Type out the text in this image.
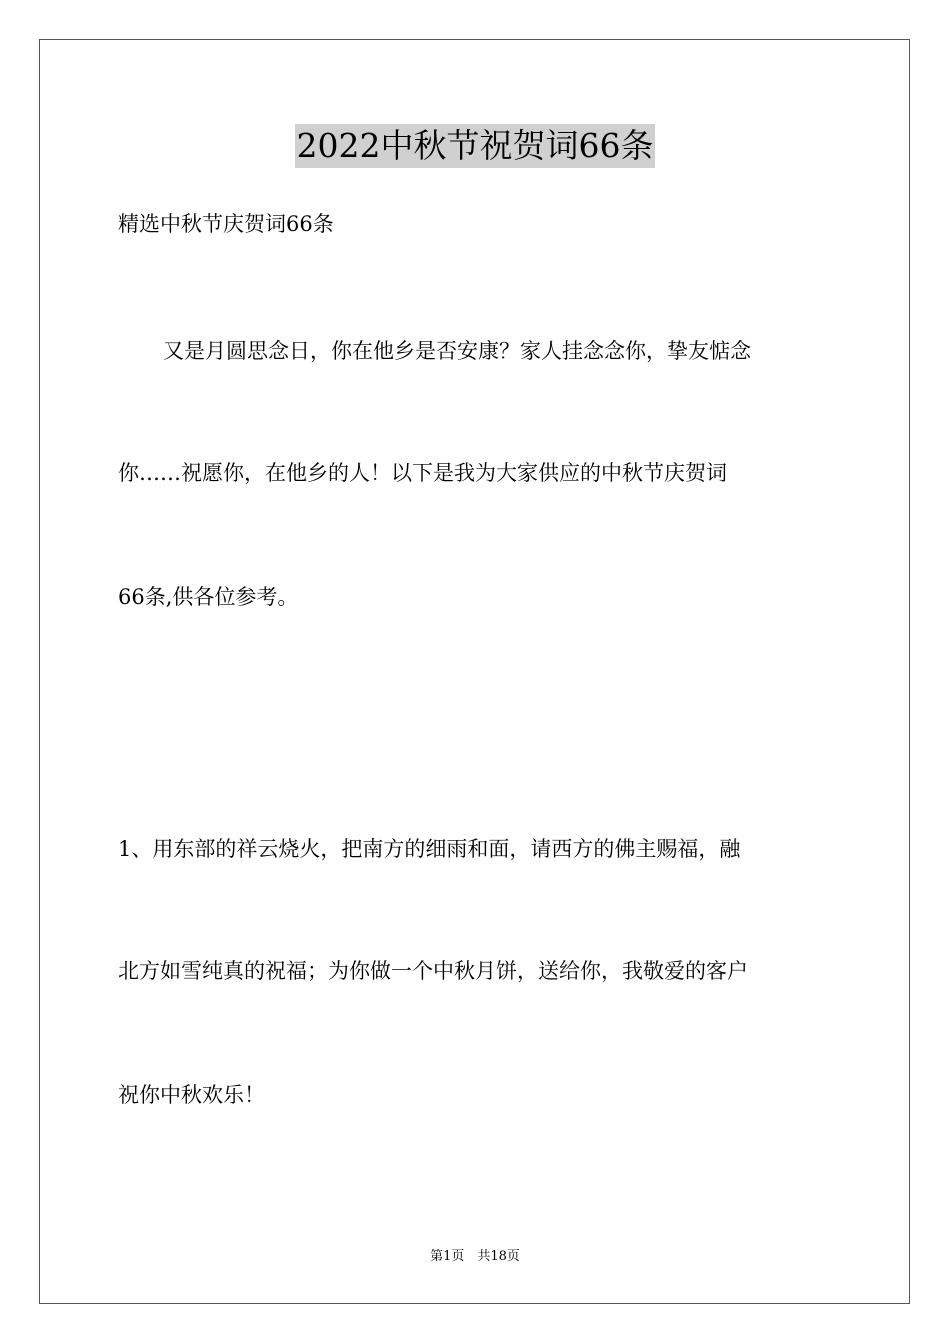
2022中秋节祝贺词66条
精选中秋节庆贺词66条
又是月圆思念日，你在他乡是否安康？家人挂念念你，挚友惦念
你……祝愿你，在他乡的人！以下是我为大家供应的中秋节庆贺词
66条,供各位参考。
1、用东部的祥云烧火，把南方的细雨和面，请西方的佛主赐福，融
北方如雪纯真的祝福；为你做一个中秋月饼，送给你，我敬爱的客户
祝你中秋欢乐！
第1页　共18页
